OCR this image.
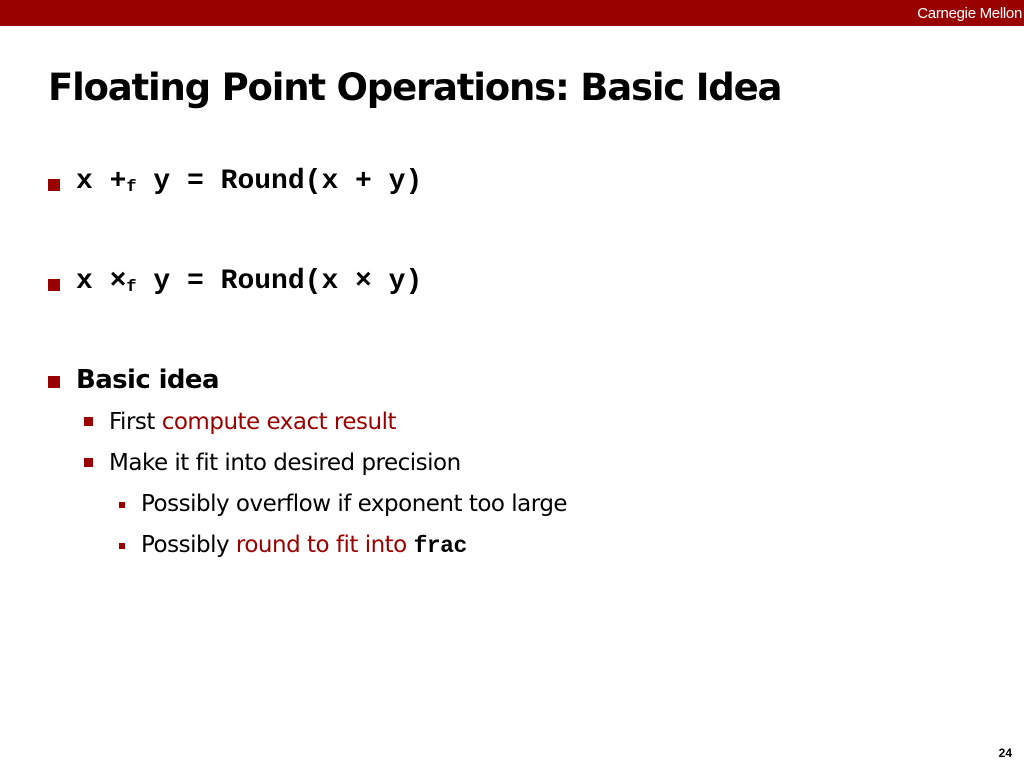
Carnegie Mellon
Floating Point Operations: Basic Idea
$x +_f$ y = Round(x + y)
$x \times_f$ y = Round(x × y)
Basic idea
First compute exact result
Make it fit into desired precision
Possibly overflow if exponent too large
Possibly round to fit into frac
24
